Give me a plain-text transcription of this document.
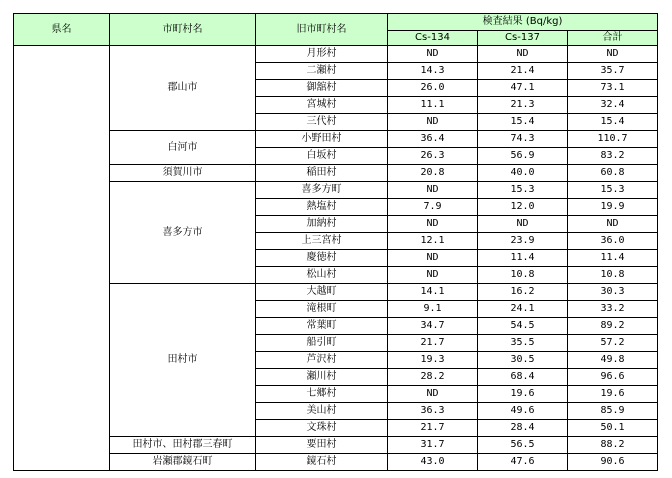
県名	市町村名	旧市町村名	検査結果 (Bq/kg)		
			Cs-134	Cs-137	合計
	郡山市	月形村	ND	ND	ND
		二瀬村	14.3	21.4	35.7
		御舘村	26.0	47.1	73.1
		宮城村	11.1	21.3	32.4
		三代村	ND	15.4	15.4
	白河市	小野田村	36.4	74.3	110.7
		白坂村	26.3	56.9	83.2
	須賀川市	稲田村	20.8	40.0	60.8
	喜多方市	喜多方町	ND	15.3	15.3
		熱塩村	7.9	12.0	19.9
		加納村	ND	ND	ND
		上三宮村	12.1	23.9	36.0
		慶徳村	ND	11.4	11.4
		松山村	ND	10.8	10.8
	田村市	大越町	14.1	16.2	30.3
		滝根町	9.1	24.1	33.2
		常葉町	34.7	54.5	89.2
		船引町	21.7	35.5	57.2
		芦沢村	19.3	30.5	49.8
		瀬川村	28.2	68.4	96.6
		七郷村	ND	19.6	19.6
		美山村	36.3	49.6	85.9
		文珠村	21.7	28.4	50.1
	田村市、田村郡三春町	要田村	31.7	56.5	88.2
	岩瀬郡鏡石町	鏡石村	43.0	47.6	90.6
